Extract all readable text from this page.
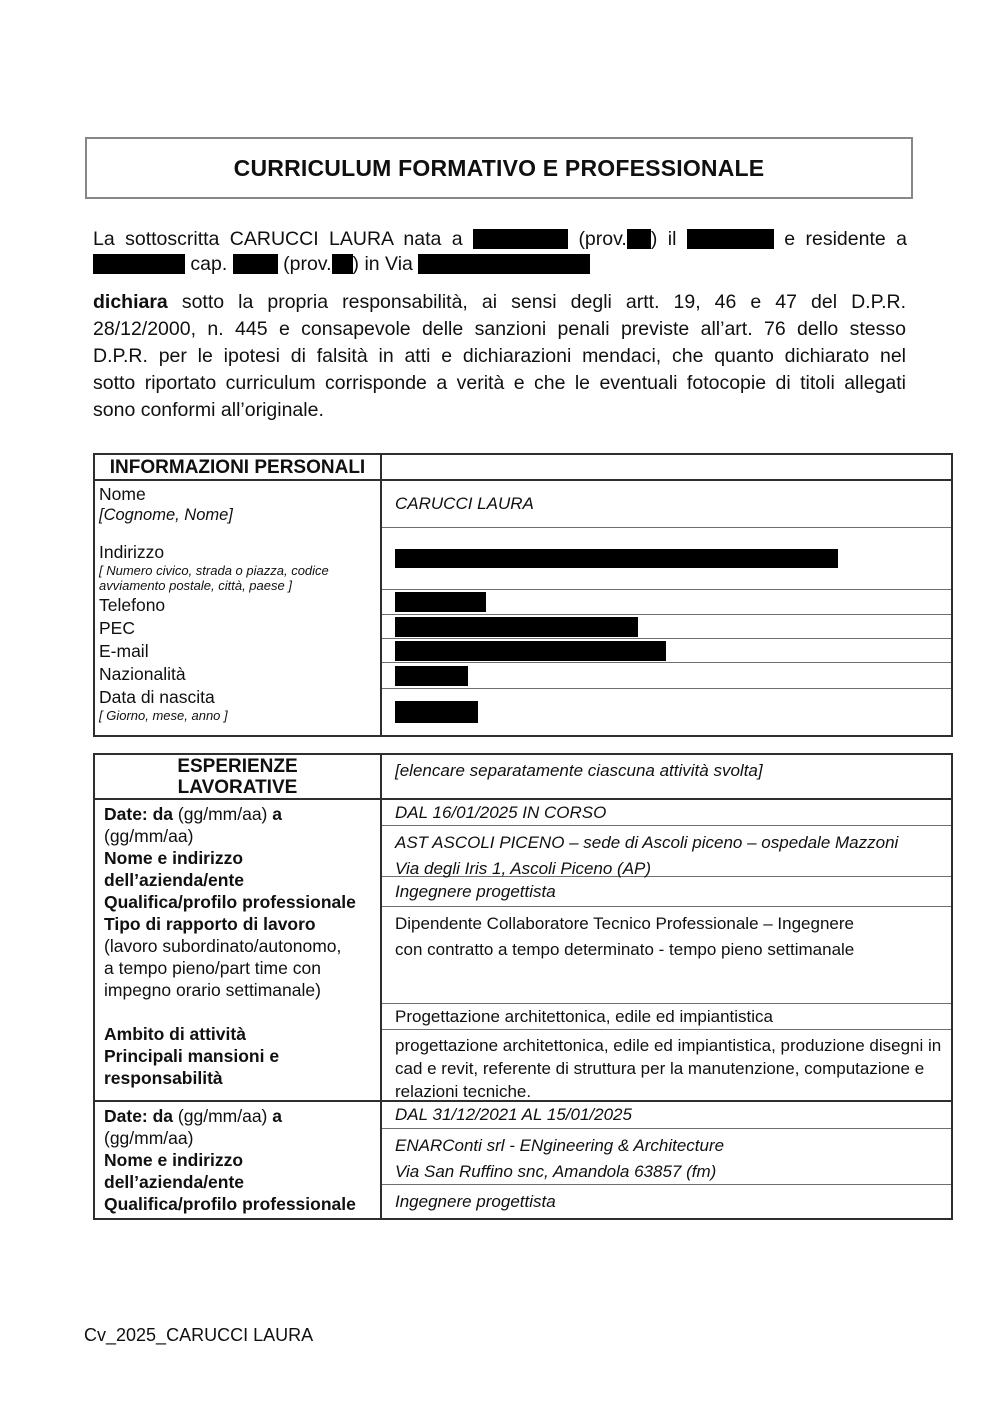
CURRICULUM FORMATIVO E PROFESSIONALE
La sottoscritta CARUCCI LAURA nata a	(prov. ) il	e residente a
cap.  (prov. ) in Via
dichiara sotto la propria responsabilità, ai sensi degli artt. 19, 46 e 47 del D.P.R.
28/12/2000, n. 445 e consapevole delle sanzioni penali previste all’art. 76 dello stesso
D.P.R. per le ipotesi di falsità in atti e dichiarazioni mendaci, che quanto dichiarato nel
sotto riportato curriculum corrisponde a verità e che le eventuali fotocopie di titoli allegati
sono conformi all’originale.
INFORMAZIONI PERSONALI
Nome
[Cognome, Nome]
Indirizzo
[ Numero civico, strada o piazza, codice
avviamento postale, città, paese ]
Telefono
PEC
E-mail
Nazionalità
Data di nascita
[ Giorno, mese, anno ]
CARUCCI LAURA
ESPERIENZE
LAVORATIVE
[elencare separatamente ciascuna attività svolta]
Date: da (gg/mm/aa) a
(gg/mm/aa)
Nome e indirizzo
dell’azienda/ente
Qualifica/profilo professionale
Tipo di rapporto di lavoro
(lavoro subordinato/autonomo,
a tempo pieno/part time con
impegno orario settimanale)
Ambito di attività
Principali mansioni e
responsabilità
DAL 16/01/2025 IN CORSO
AST ASCOLI PICENO – sede di Ascoli piceno – ospedale Mazzoni
Via degli Iris 1, Ascoli Piceno (AP)
Ingegnere progettista
Dipendente Collaboratore Tecnico Professionale – Ingegnere
con contratto a tempo determinato - tempo pieno settimanale
Progettazione architettonica, edile ed impiantistica
progettazione architettonica, edile ed impiantistica, produzione disegni in cad e revit, referente di struttura per la manutenzione, computazione e relazioni tecniche.
Date: da (gg/mm/aa) a
(gg/mm/aa)
Nome e indirizzo
dell’azienda/ente
Qualifica/profilo professionale
DAL 31/12/2021 AL 15/01/2025
ENARConti srl - ENgineering & Architecture
Via San Ruffino snc, Amandola 63857 (fm)
Ingegnere progettista
Cv_2025_CARUCCI LAURA
